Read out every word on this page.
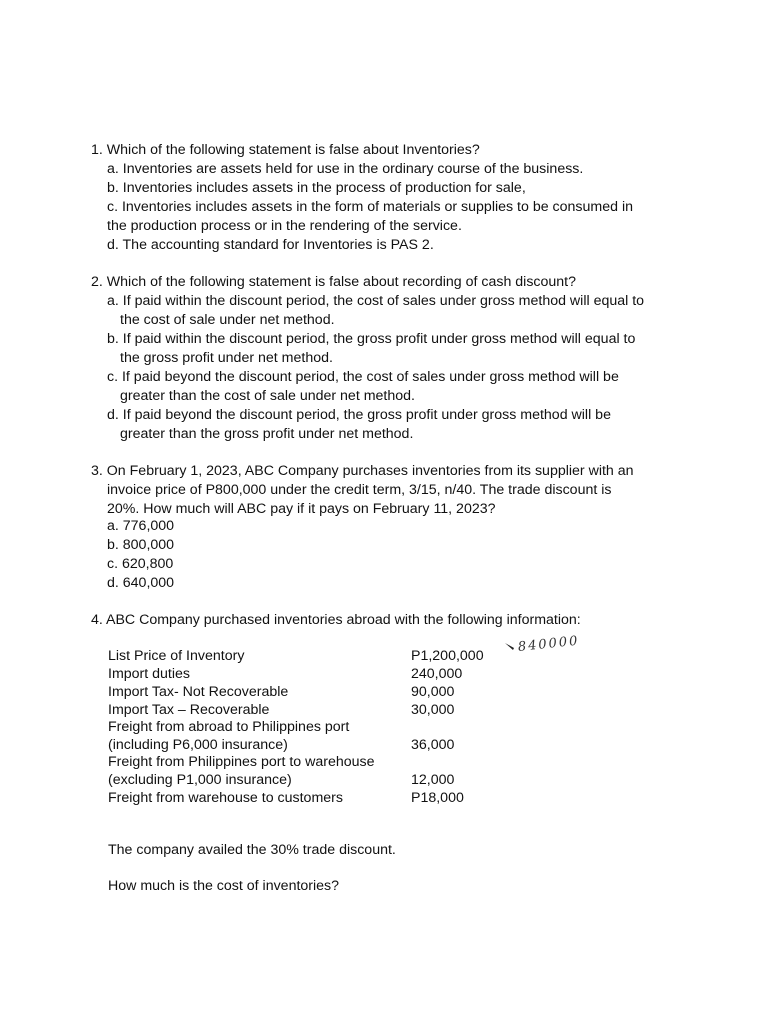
1. Which of the following statement is false about Inventories?
a. Inventories are assets held for use in the ordinary course of the business.
b. Inventories includes assets in the process of production for sale,
c. Inventories includes assets in the form of materials or supplies to be consumed in
the production process or in the rendering of the service.
d. The accounting standard for Inventories is PAS 2.
2. Which of the following statement is false about recording of cash discount?
a. If paid within the discount period, the cost of sales under gross method will equal to
the cost of sale under net method.
b. If paid within the discount period, the gross profit under gross method will equal to
the gross profit under net method.
c. If paid beyond the discount period, the cost of sales under gross method will be
greater than the cost of sale under net method.
d. If paid beyond the discount period, the gross profit under gross method will be
greater than the gross profit under net method.
3. On February 1, 2023, ABC Company purchases inventories from its supplier with an
invoice price of P800,000 under the credit term, 3/15, n/40. The trade discount is
20%. How much will ABC pay if it pays on February 11, 2023?
a. 776,000
b. 800,000
c. 620,800
d. 640,000
4. ABC Company purchased inventories abroad with the following information:
List Price of Inventory	P1,200,000
Import duties	240,000
Import Tax- Not Recoverable	90,000
Import Tax – Recoverable	30,000
Freight from abroad to Philippines port
(including P6,000 insurance)	36,000
Freight from Philippines port to warehouse
(excluding P1,000 insurance)	12,000
Freight from warehouse to customers	P18,000
840000
The company availed the 30% trade discount.
How much is the cost of inventories?
